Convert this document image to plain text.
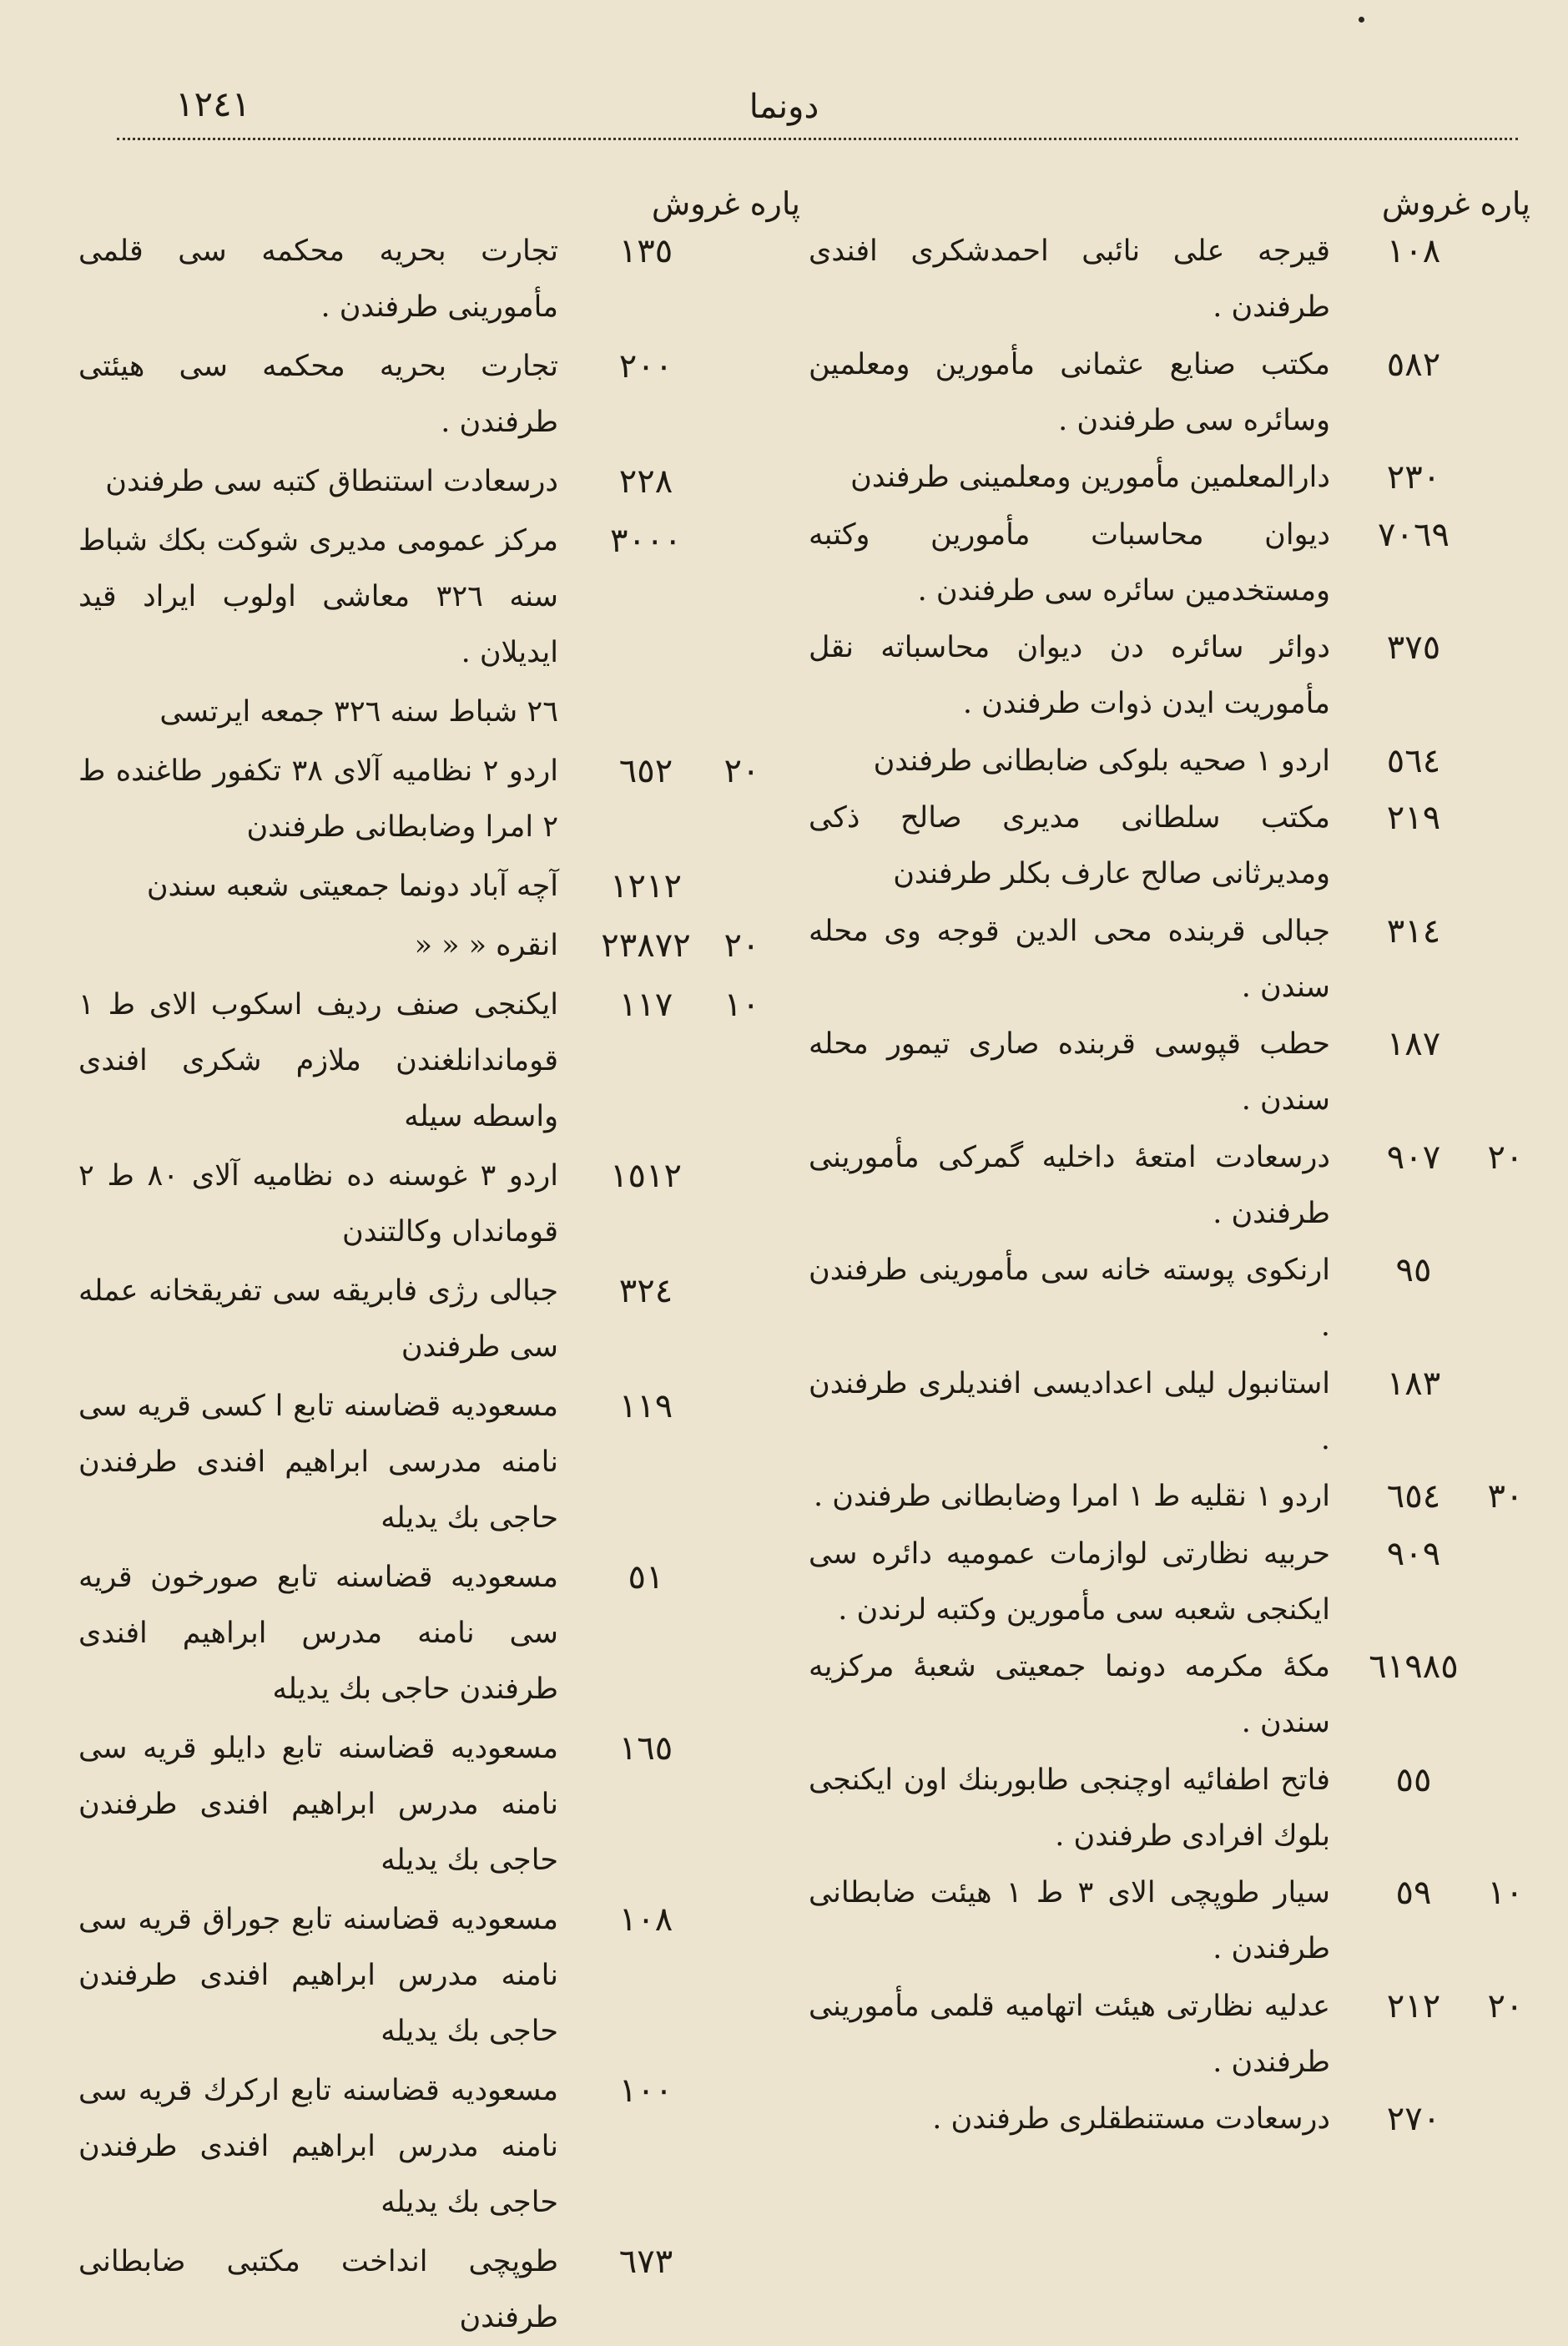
١٢٤١	دونما
پاره غروش
پاره غروش
١٠٨
قیرجه علی نائبی احمدشکری افندی طرفندن .
٥٨٢
مکتب صنایع عثمانی مأمورین ومعلمین وسائره سی طرفندن .
٢٣٠
دارالمعلمین مأمورین ومعلمینی طرفندن
٧٠٦٩
دیوان محاسبات مأمورین وکتبه ومستخدمین سائره سی طرفندن .
٣٧٥
دوائر سائره دن دیوان محاسباته نقل مأموریت ایدن ذوات طرفندن .
٥٦٤
اردو ١ صحیه بلوکی ضابطانی طرفندن
٢١٩
مکتب سلطانی مدیری صالح ذکی ومدیرثانی صالح عارف بکلر طرفندن
٣١٤
جبالی قربنده محی الدین قوجه وی محله سندن .
١٨٧
حطب قپوسی قربنده صاری تیمور محله سندن .
٢٠
٩٠٧
درسعادت امتعۀ داخلیه گمرکی مأمورینی طرفندن .
٩٥
ارنکوی پوسته خانه سی مأمورینی طرفندن .
١٨٣
استانبول لیلی اعدادیسی افندیلری طرفندن .
٣٠
٦٥٤
اردو ١ نقلیه ط ١ امرا وضابطانی طرفندن .
٩٠٩
حربیه نظارتی لوازمات عمومیه دائره سی ایکنجی شعبه سی مأمورین وکتبه لرندن .
٦١٩٨٥
مکۀ مکرمه دونما جمعیتی شعبۀ مرکزیه سندن .
٥٥
فاتح اطفائیه اوچنجی طابوربنك اون ایکنجی بلوك افرادی طرفندن .
١٠
٥٩
سیار طوپچی الای ٣ ط ١ هیئت ضابطانی طرفندن .
٢٠
٢١٢
عدلیه نظارتی هیئت اتهامیه قلمی مأمورینی طرفندن .
٢٧٠
درسعادت مستنطقلری طرفندن .
١٣٥
تجارت بحریه محکمه سی قلمی مأمورینی طرفندن .
٢٠٠
تجارت بحریه محکمه سی هیئتی طرفندن .
٢٢٨
درسعادت استنطاق کتبه سی طرفندن
٣٠٠٠
مرکز عمومی مدیری شوکت بکك شباط سنه ٣٢٦ معاشی اولوب ایراد قید ایدیلان .
٢٦ شباط سنه ٣٢٦ جمعه ایرتسی
٢٠
٦٥٢
اردو ٢ نظامیه آلای ٣٨ تکفور طاغنده ط ٢ امرا وضابطانی طرفندن
١٢١٢
آچه آباد دونما جمعیتی شعبه سندن
٢٠
٢٣٨٧٢
انقره « « «
١٠
١١٧
ایکنجی صنف ردیف اسکوب الای ط ١ قوماندانلغندن ملازم شکری افندی واسطه سیله
١٥١٢
اردو ٣ غوسنه ده نظامیه آلای ٨٠ ط ٢ قومانداں وکالتندن
٣٢٤
جبالی رژی فابریقه سی تفریقخانه عمله سی طرفندن
١١٩
مسعودیه قضاسنه تابع ا کسی قریه سی نامنه مدرسی ابراهیم افندی طرفندن حاجی بك یدیله
٥١
مسعودیه قضاسنه تابع صورخون قریه سی نامنه مدرس ابراهیم افندی طرفندن حاجی بك یدیله
١٦٥
مسعودیه قضاسنه تابع دایلو قریه سی نامنه مدرس ابراهیم افندی طرفندن حاجی بك یدیله
١٠٨
مسعودیه قضاسنه تابع جوراق قریه سی نامنه مدرس ابراهیم افندی طرفندن حاجی بك یدیله
١٠٠
مسعودیه قضاسنه تابع ارکرك قریه سی نامنه مدرس ابراهیم افندی طرفندن حاجی بك یدیله
٦٧٣
طوپچی انداخت مکتبی ضابطانی طرفندن
